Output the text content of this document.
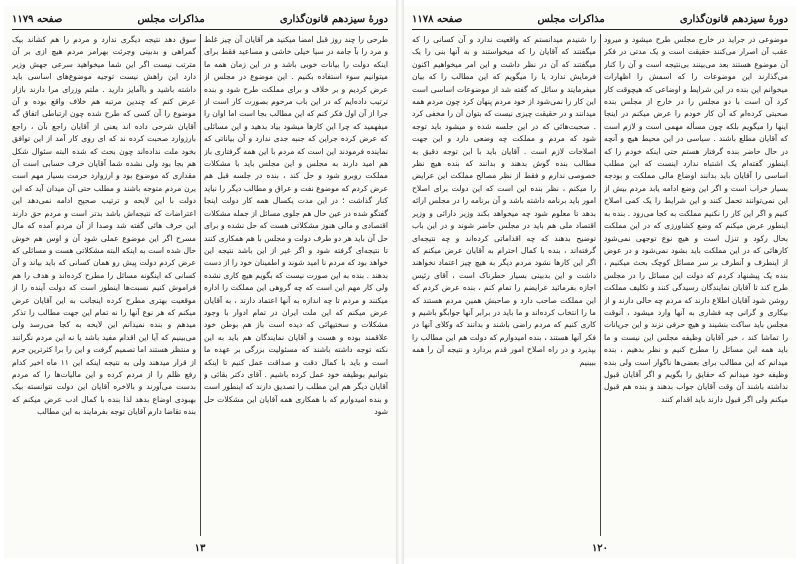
دورهٔ سیزدهم قانون‌گذاری
مذاکرات مجلس
صفحه ۱۱۷۹
طرحی را چند روز قبل امضا میکنید هر آقایان آن چیز غلط و مرد را بآ جامه در سیا خیلی خاشی و مساعید فقط برای اینکه دولت را بیانات خوبی باشد و در این زمان همه ما میتوانیم سوء استفاده بکنیم . این موضوع در مجلس از عرض کردیم و بر خلاف و برای مملکت طرح شود و بنده ترتیب داده‌ایم که در این باب مرحوم بصورت کار است از جرا از آن اول فکر کنم که این مطالب بجا است اما اوان را میفهمید که چرا این کارها میشود بیاد بدهید و این مسائلی که عرض کرده جراین که جنبه جدی ندارد و آن بیاناتی که نماینده فرمودند این است که مردم با این همه گرفتاری باز هم امید دارند به مجلس و این مجلس باید با مشکلات مملکت روبرو شود و حل کند ، بنده در جلسه قبل هم عرض کردم که موضوع نفت و عراق و مطالب دیگر را نباید کنار گذاشت ؛ در این مدت یکسال همه کار دولت اینجا گفتگو شده در عین حال هم جلوی مسائل از جمله مشکلات اقتصادی و مالی هنوز مشکلاتی هست که حل نشده و برای حل آن باید هر دو طرف دولت و مجلس با هم همکاری کنند تا نتیجه‌ای گرفته شود و اگر غیر از این باشد نتیجه این خواهد بود که مردم نا امید شوند و اطمینان خود را از دست بدهند . بنده به این صورت نیست که بگویم هیچ کاری نشده ولی کار مهم این است که چه گروهی این مملکت را اداره میکنند و مردم تا چه اندازه به آنها اعتماد دارند ، به آقایان عرض میکنم که این ملت ایران در تمام ادوار با وجود مشکلات و سختیهائی که دیده است باز هم بوطن خود علاقمند بوده و هست و آقایان نمایندگان هم باید به این نکته توجه داشته باشند که مسئولیت بزرگی بر عهده ما است و باید با کمال دقت و صداقت عمل کنیم تا اینکه بتوانیم بوظیفه خود عمل کرده باشیم . آقای دکتر بقائی و آقایان دیگر هم این مطلب را تصدیق دارند که اینطور است و بنده امیدوارم که با همکاری همه آقایان این مشکلات حل شود
سوق دهد نتیجه دیگری ندارد و مردم را هم کشاند بیک گمراهی و بدبینی وجرئت بهرامر مردم هیچ ازی بر آن مترتب نیست اگر این شما میخواهید سرعی جهش وزیر دارد این راهش نیست توجیه موضوع‌های اساسی باید داشته باشید و با‌آمایز دارید . ملتم وزرای مرا دارند بازار عرض کنم که چندین مرتبه هم خلاف واقع بوده و آن موضوع را آن کسی که طرح شده چون ارتباطی اتفاق گه آقایان شرحی داده اند یعنی از آقایان راجع بآن ، راجع بارزوارد صحبت کرده ند که ای روی کار آمد از این توافق بخود ملت نداده‌اند چون بحث که شده البته سئوال شکل هم بجا بود ولی نشده شما آقایان حرف حسابی است آن مقداری که موضوع بود و ارزوارد حرمت بسیار مهم است یرن مردم متوجه باشند و مطلب حتی آن میدان آید که این دولت با این لایحه و ترتیب صحیح ادامه نمی‌دهد این اعتراضات که نتیجه‌اش باشد بدتر است و مردم حق دارند این حرف هائی گفته شد وصدا از آن مردم آمده که مال مسرح اگر این موضوع عملی شود آن و اوس هم خوش حال شده است به اینکه البته مشکلاتی هست و مسائلی که عرض کردم دولت پیش رو همان کسانی که باید بیاند و آن کسانی که اینگونه مسائل را مطرح کرده‌اند و هدف را هم فراموش کنیم نسبت‌ها اینطور است که دولت آینده را از موقعیت بهتری مطرح کرده اینجانب به این آقایان عرض میکنم که هر نوع آنها را نه تمام این جهت مطالب را تذکر میدهم و بنده نمیدانم این لایحه به کجا می‌رسد ولی می‌بینیم که آیا این اقدام مفید باشد یا نه این مردم نگرانند و منتظر هستند اما تصمیم گرفت و این را برا کثرترین جرم از قرار میدهند ولی به نتیجه اینکه این ۱۱ ماه اخیر کدام رفع ظلم را از مردم کرده و این مالیات‌ها را که مردم بدست می‌آورند و بالاخره آقایان این دولت نتوانسته بیک بهبودی اوضاع بدهد لذا بنده با کمال ادب عرض میکنم که بنده تقاضا دارم آقایان توجه بفرمایند به این مطالب
۱۳
دورهٔ سیزدهم قانون‌گذاری
مذاکرات مجلس
صفحه ۱۱۷۸
موضوعی در جراید در خارج مجلس طرح میشود و میرود عقب آن اصرار می‌کنند حقیقت است و یک مدتی در فکر آن موضوع هستند بعد می‌بینند بی‌نتیجه است و آن را کنار می‌گذارند این موضوعات را که اسمش را اظهارات میخوانم این بنده در این شرایط و اوضاعی که هیچوقت کار کرد آن است با دو مجلس را در خارج از مجلس بنده صحبتی کرده‌ام که آن کار خودم را عرض میکنم در اینجا اینها را میگویم بلکه چون مسأله مهمی است و لازم است که آقایان مطلع باشند . سیاسی در این محیط هیچ و آنچه در حال حاضر بنده گرفتار هستم حتی اینکه خودم را که اینطور گفته‌ام یک اشتباه ندارد اینست که این مطلب اساسی را آقایان باید بدانند اوضاع مالی مملکت و بودجه بسیار خراب است و اگر این وضع ادامه یابد مردم بیش از این نمی‌توانند تحمل کنند و این شرایط را یک کمی اصلاح کنیم و اگر این کار را نکنیم مملکت به کجا می‌رود . بنده به اینطور عرض میکنم که وضع کشاورزی که در این مملکت بحال رکود و تنزل است و هیچ نوع توجهی نمی‌شود کارهائی که در این مملکت باید بشود نمی‌شود و در عوض از اینطرف و آنطرف بر سر مسائل کوچک بحث میکنیم ، بنده یک پیشنهاد کردم که دولت این مسائل را در مجلس طرح کند تا آقایان نمایندگان رسیدگی کنند و تکلیف مملکت روشن شود آقایان اطلاع دارند که مردم چه حالی دارند و از بیکاری و گرانی چه فشاری به آنها وارد میشود ، آنوقت مجلس باید ساکت بنشیند و هیچ حرفی نزند و این جریانات را تماشا کند ، خیر آقایان وظیفه مجلس این نیست و ما باید همه این مسائل را مطرح کنیم و نظر بدهیم ، بنده میدانم که این مطالب برای بعضی‌ها ناگوار است ولی بنده وظیفه خود میدانم که حقایق را بگویم و اگر آقایان قبول نداشته باشند آن وقت آقایان جواب بدهند و بنده هم قبول میکنم ولی اگر قبول دارند باید اقدام کنند
را شنیدم میدانستم که واقعیت ندارد و آن کسانی را که میگفتند که آقایان را که میخواستند و به آنها بنی را یک میگفتند که آن در نظر داشت و این امر میخواهیم اکنون فرمایش ندارد یا را میگویم که این مطالب را که بیان میفرمایند و سائل که گفته شد از موضوعات اساسی است این کار را نمی‌شود از خود مردم پنهان کرد چون مردم همه میدانند و در حقیقت چیزی نیست که بتوان آن را مخفی کرد . صحبت‌هائی که در این جلسه شده و میشود باید توجه شود که مردم و مملکت چه وضعی دارد و این جهت اصلاحات لازم است . آقایان باید با این توجه دقیق به مطالب بنده گوش بدهند و بدانند که بنده هیچ نظر خصوصی ندارم و فقط از نظر مصالح مملکت این عرایض را میکنم ، نظر بنده این است که این دولت برای اصلاح امور باید برنامه داشته باشد و آن برنامه را در مجلس ارائه بدهد تا معلوم شود چه میخواهد بکند وزیر دارائی و وزیر اقتصاد ملی هم باید در مجلس حاضر شوند و در این باب توضیح بدهند که چه اقداماتی کرده‌اند و چه نتیجه‌ای گرفته‌اند ، بنده با کمال احترام به آقایان عرض میکنم که اگر این کارها نشود مردم دیگر به هیچ چیز اعتماد نخواهند داشت و این بدبینی بسیار خطرناک است ، آقای رئیس اجازه بفرمائید عرایضم را تمام کنم ، بنده عرض کردم که این مملکت صاحب دارد و صاحبش همین مردم هستند که ما را انتخاب کرده‌اند و ما باید در برابر آنها جوابگو باشیم و کاری کنیم که مردم راضی باشند و بدانند که وکلای آنها در فکر آنها هستند ، بنده امیدوارم که دولت هم این مطالب را بپذیرد و در راه اصلاح امور قدم بردارد و نتیجه آن را همه ببینیم
۱۲۰
